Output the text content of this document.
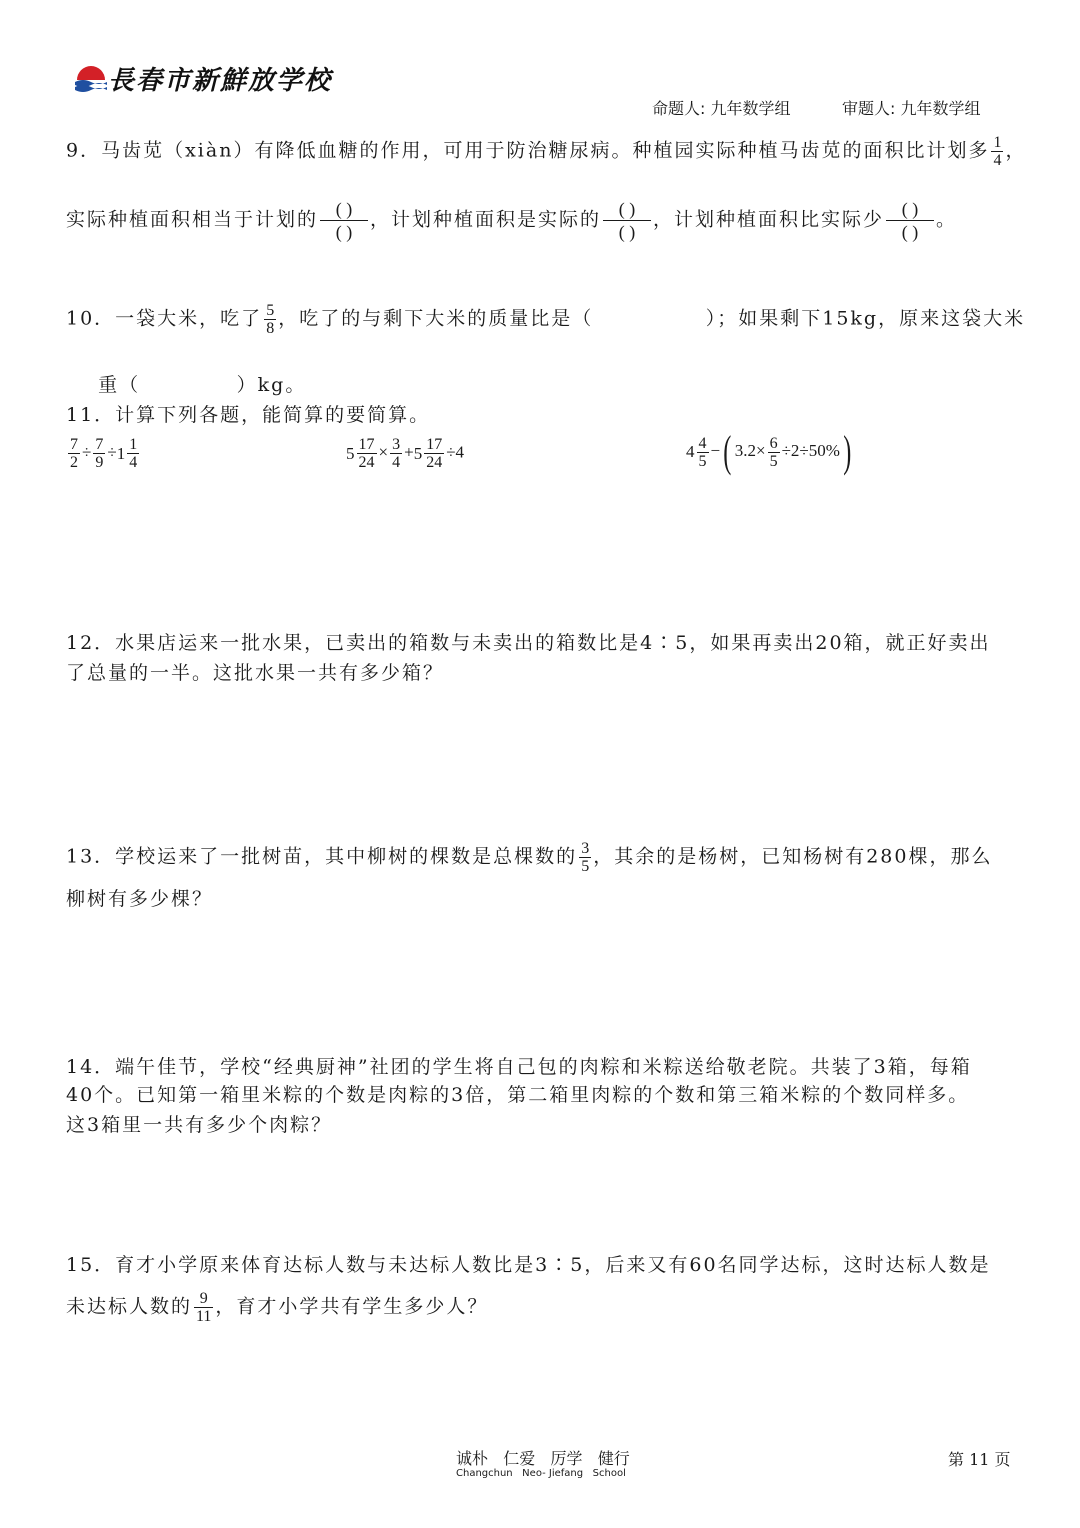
長春市新鮮放学校
命题人: 九年数学组	审题人: 九年数学组
9．马齿苋（xiàn）有降低血糖的作用，可用于防治糖尿病。种植园实际种植马齿苋的面积比计划多 $\frac{1}{4}$ ，
实际种植面积相当于计划的 $\frac{( )}{( )}$ ，计划种植面积是实际的 $\frac{( )}{( )}$ ，计划种植面积比实际少 $\frac{( )}{( )}$ 。
10．一袋大米，吃了 $\frac{5}{8}$ ，吃了的与剩下大米的质量比是（              ）；如果剩下15kg，原来这袋大米

重（            ）kg。

11．计算下列各题，能简算的要简算。
$\frac{7}{2} \div \frac{7}{9} \div 1 \frac{1}{4}$	$5 \frac{17}{24} \times \frac{3}{4} +5 \frac{17}{24} \div 4$	$4 \frac{4}{5}$ −( $3.2\times \frac{6}{5} \div 2\div 50\%$)
12．水果店运来一批水果，已卖出的箱数与未卖出的箱数比是4∶5，如果再卖出20箱，就正好卖出
了总量的一半。这批水果一共有多少箱？
13．学校运来了一批树苗，其中柳树的棵数是总棵数的 $\frac{3}{5}$ ，其余的是杨树，已知杨树有280棵，那么
柳树有多少棵？
14．端午佳节，学校“经典厨神”社团的学生将自己包的肉粽和米粽送给敬老院。共装了3箱，每箱
40个。已知第一箱里米粽的个数是肉粽的3倍，第二箱里肉粽的个数和第三箱米粽的个数同样多。
这3箱里一共有多少个肉粽？
15．育才小学原来体育达标人数与未达标人数比是3∶5，后来又有60名同学达标，这时达标人数是
未达标人数的 $\frac{9}{11}$ ，育才小学共有学生多少人？
诚朴   仁爱   厉学   健行
Changchun   Neo- Jiefang   School
第 11 页
